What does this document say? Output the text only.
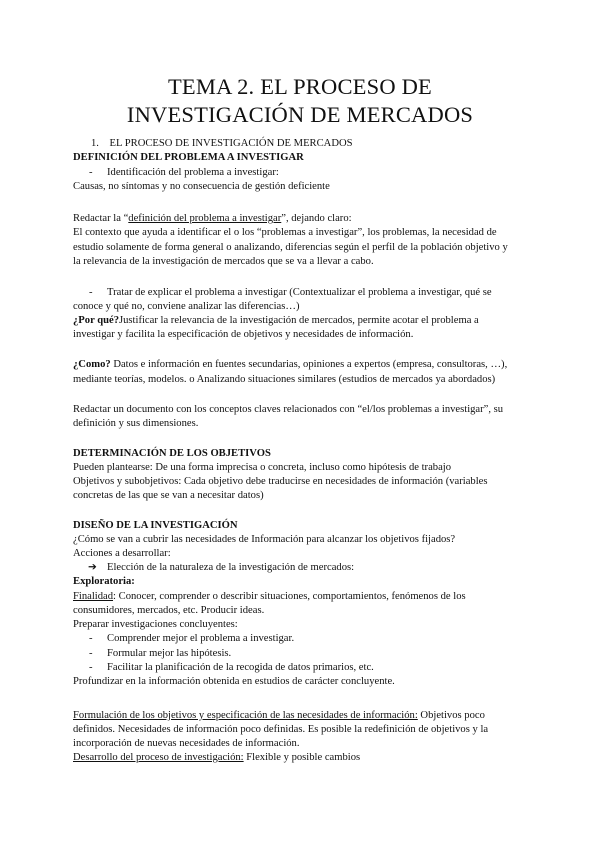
TEMA 2. EL PROCESO DE
INVESTIGACIÓN DE MERCADOS

1. EL PROCESO DE INVESTIGACIÓN DE MERCADOS

DEFINICIÓN DEL PROBLEMA A INVESTIGAR

- Identificación del problema a investigar:

Causas, no síntomas y no consecuencia de gestión deficiente

Redactar la “definición del problema a investigar”, dejando claro:

El contexto que ayuda a identificar el o los “problemas a investigar”, los problemas, la necesidad de

estudio solamente de forma general o analizando, diferencias según el perfil de la población objetivo y

la relevancia de la investigación de mercados que se va a llevar a cabo.

- Tratar de explicar el problema a investigar (Contextualizar el problema a investigar, qué se

conoce y qué no, conviene analizar las diferencias…)

¿Por qué?Justificar la relevancia de la investigación de mercados, permite acotar el problema a

investigar y facilita la especificación de objetivos y necesidades de información.

¿Como? Datos e información en fuentes secundarias, opiniones a expertos (empresa, consultoras, …),

mediante teorías, modelos. o Analizando situaciones similares (estudios de mercados ya abordados)

Redactar un documento con los conceptos claves relacionados con “el/los problemas a investigar”, su

definición y sus dimensiones.

DETERMINACIÓN DE LOS OBJETIVOS

Pueden plantearse: De una forma imprecisa o concreta, incluso como hipótesis de trabajo

Objetivos y subobjetivos: Cada objetivo debe traducirse en necesidades de información (variables

concretas de las que se van a necesitar datos)

DISEÑO DE LA INVESTIGACIÓN

¿Cómo se van a cubrir las necesidades de Información para alcanzar los objetivos fijados?

Acciones a desarrollar:

➔ Elección de la naturaleza de la investigación de mercados:

Exploratoria:

Finalidad: Conocer, comprender o describir situaciones, comportamientos, fenómenos de los

consumidores, mercados, etc. Producir ideas.

Preparar investigaciones concluyentes:

- Comprender mejor el problema a investigar.

- Formular mejor las hipótesis.

- Facilitar la planificación de la recogida de datos primarios, etc.

Profundizar en la información obtenida en estudios de carácter concluyente.

Formulación de los objetivos y especificación de las necesidades de información: Objetivos poco

definidos. Necesidades de información poco definidas. Es posible la redefinición de objetivos y la

incorporación de nuevas necesidades de información.

Desarrollo del proceso de investigación: Flexible y posible cambios
